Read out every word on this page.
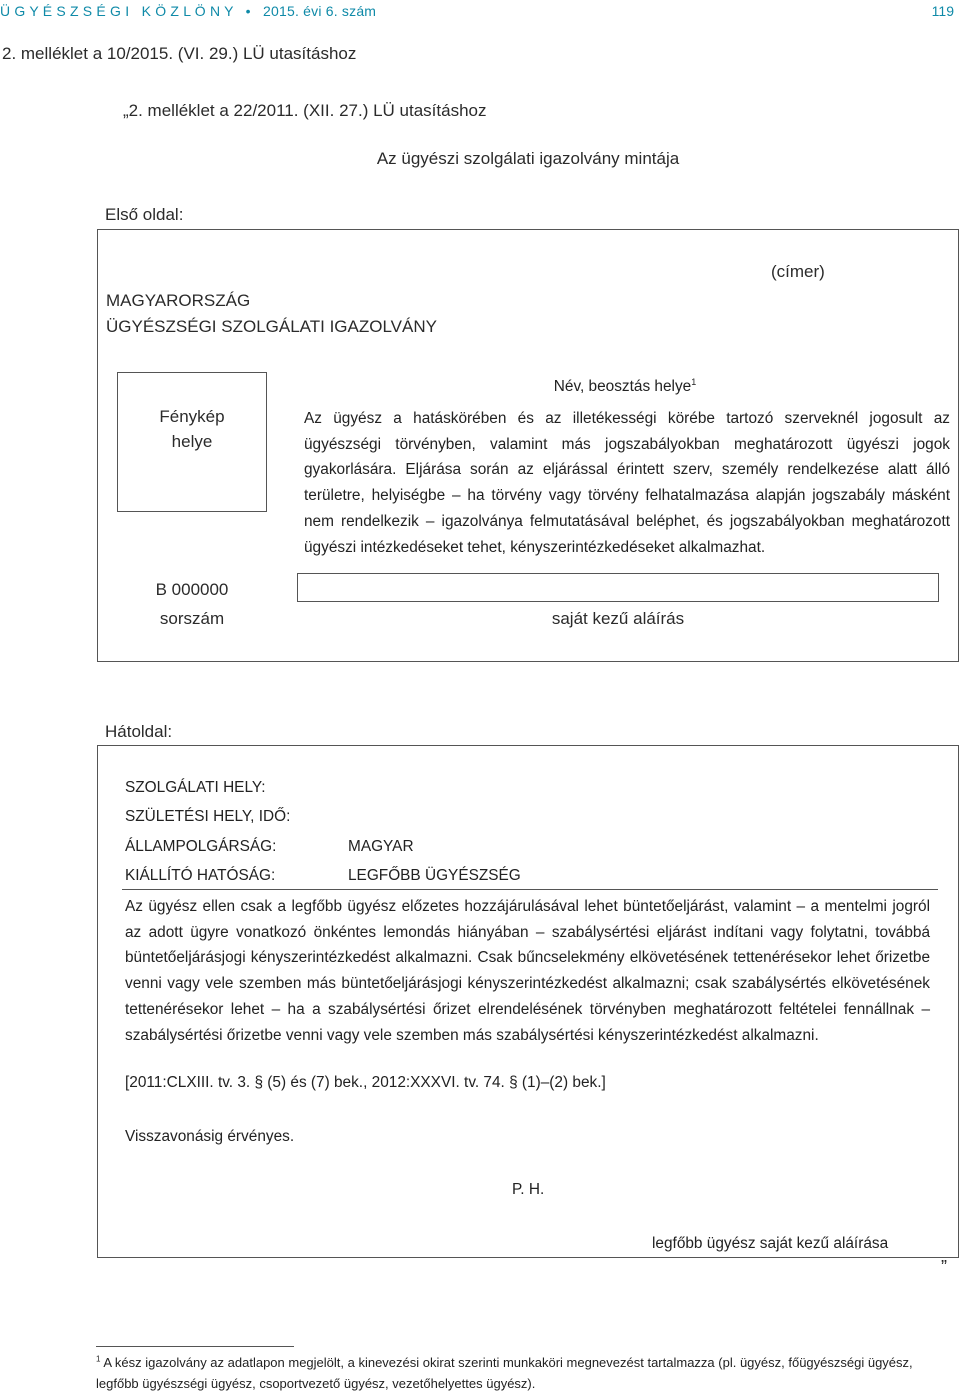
Ü G Y É S Z S É G I   K Ö Z L Ö N Y   •   2015. évi 6. szám	119
2. melléklet a 10/2015. (VI. 29.) LÜ utasításhoz
„2. melléklet a 22/2011. (XII. 27.) LÜ utasításhoz
Az ügyészi szolgálati igazolvány mintája
Első oldal:
(címer)
MAGYARORSZÁG
ÜGYÉSZSÉGI SZOLGÁLATI IGAZOLVÁNY
Fénykép
helye
Név, beosztás helye$^1$

Az ügyész a hatáskörében és az illetékességi körébe tartozó szerveknél jogosult az ügyészségi törvényben, valamint más jogszabályokban meghatározott ügyészi jogok gyakorlására. Eljárása során az eljárással érintett szerv, személy rendelkezése alatt álló területre, helyiségbe – ha törvény vagy törvény felhatalmazása alapján jogszabály másként nem rendelkezik – igazolványa felmutatásával beléphet, és jogszabályokban meghatározott ügyészi intézkedéseket tehet, kényszerintézkedéseket alkalmazhat.

saját kezű aláírás
B 000000
sorszám
Hátoldal:
SZOLGÁLATI HELY:
SZÜLETÉSI HELY, IDŐ:
ÁLLAMPOLGÁRSÁG:	MAGYAR
KIÁLLÍTÓ HATÓSÁG:	LEGFŐBB ÜGYÉSZSÉG

Az ügyész ellen csak a legfőbb ügyész előzetes hozzájárulásával lehet büntetőeljárást, valamint – a mentelmi jogról az adott ügyre vonatkozó önkéntes lemondás hiányában – szabálysértési eljárást indítani vagy folytatni, továbbá büntetőeljárásjogi kényszerintézkedést alkalmazni. Csak bűncselekmény elkövetésének tettenérésekor lehet őrizetbe venni vagy vele szemben más büntetőeljárásjogi kényszerintézkedést alkalmazni; csak szabálysértés elkövetésének tettenérésekor lehet – ha a szabálysértési őrizet elrendelésének törvényben meghatározott feltételei fennállnak – szabálysértési őrizetbe venni vagy vele szemben más szabálysértési kényszerintézkedést alkalmazni.

[2011:CLXIII. tv. 3. § (5) és (7) bek., 2012:XXXVI. tv. 74. § (1)–(2) bek.]
Visszavonásig érvényes.
P. H.
legfőbb ügyész saját kezű aláírása
”
$^1$ A kész igazolvány az adatlapon megjelölt, a kinevezési okirat szerinti munkaköri megnevezést tartalmazza (pl. ügyész, főügyészségi ügyész, legfőbb ügyészségi ügyész, csoportvezető ügyész, vezetőhelyettes ügyész).
